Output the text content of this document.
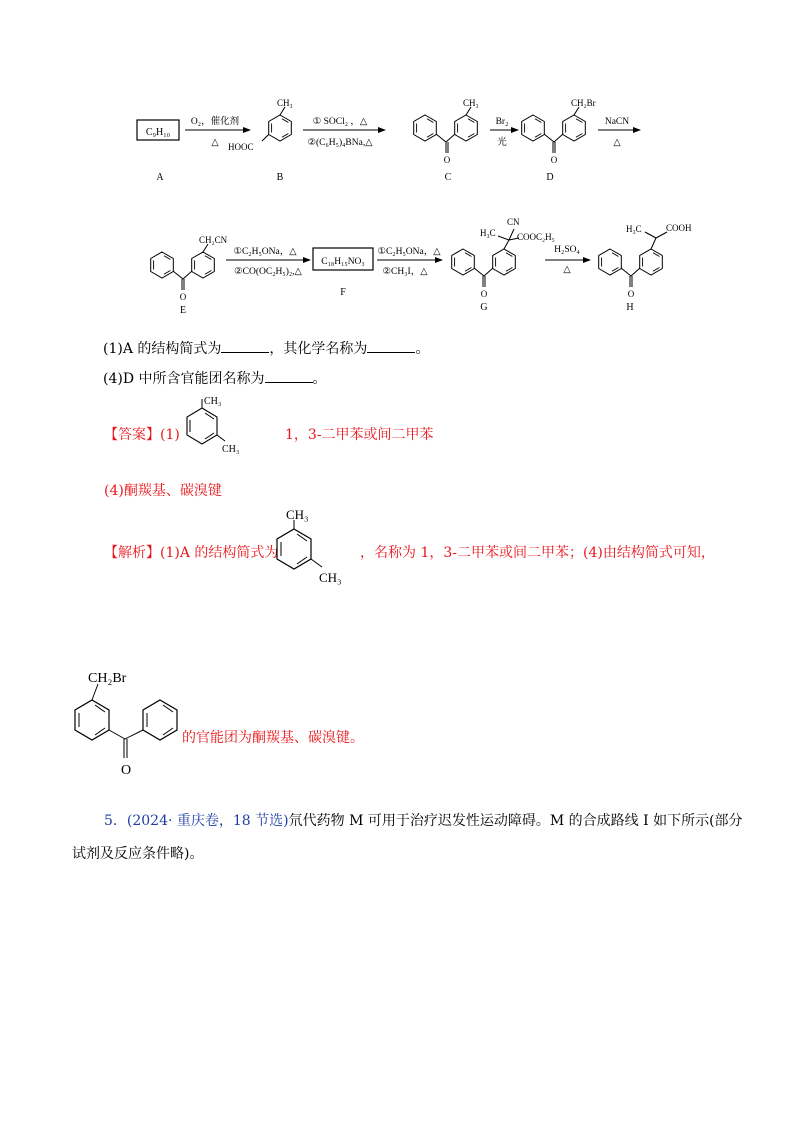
C₉H₁₀
A
O₂，催化剂
△
CH₃
HOOC
B
① SOCl₂ ，△
②(C₆H₅)₄BNa,△
O
CH₃
C
Br₂
光
O
CH₂Br
D
NaCN
△
O
CH₂CN
E
①C₂H₅ONa，△
②CO(OC₂H₅)₂,△
C₁₈H₁₅NO₃
F
①C₂H₅ONa，△
②CH₃I，△
O
H₃C
CN
COOC₂H₅
G
H₂SO₄
△
O
H₃C	COOH
H
(1)A 的结构简式为	，其化学名称为	。
(4)D 中所含官能团名称为	。
【答案】(1)
CH₃
CH₃
1，3-二甲苯或间二甲苯
(4)酮羰基、碳溴键
【解析】(1)A 的结构简式为
CH₃
CH₃
，名称为 1，3-二甲苯或间二甲苯；(4)由结构简式可知，
CH₂Br
O
的官能团为酮羰基、碳溴键。
5．(2024· 重庆卷，18 节选)氘代药物 M 可用于治疗迟发性运动障碍。M 的合成路线 I 如下所示(部分
试剂及反应条件略)。
